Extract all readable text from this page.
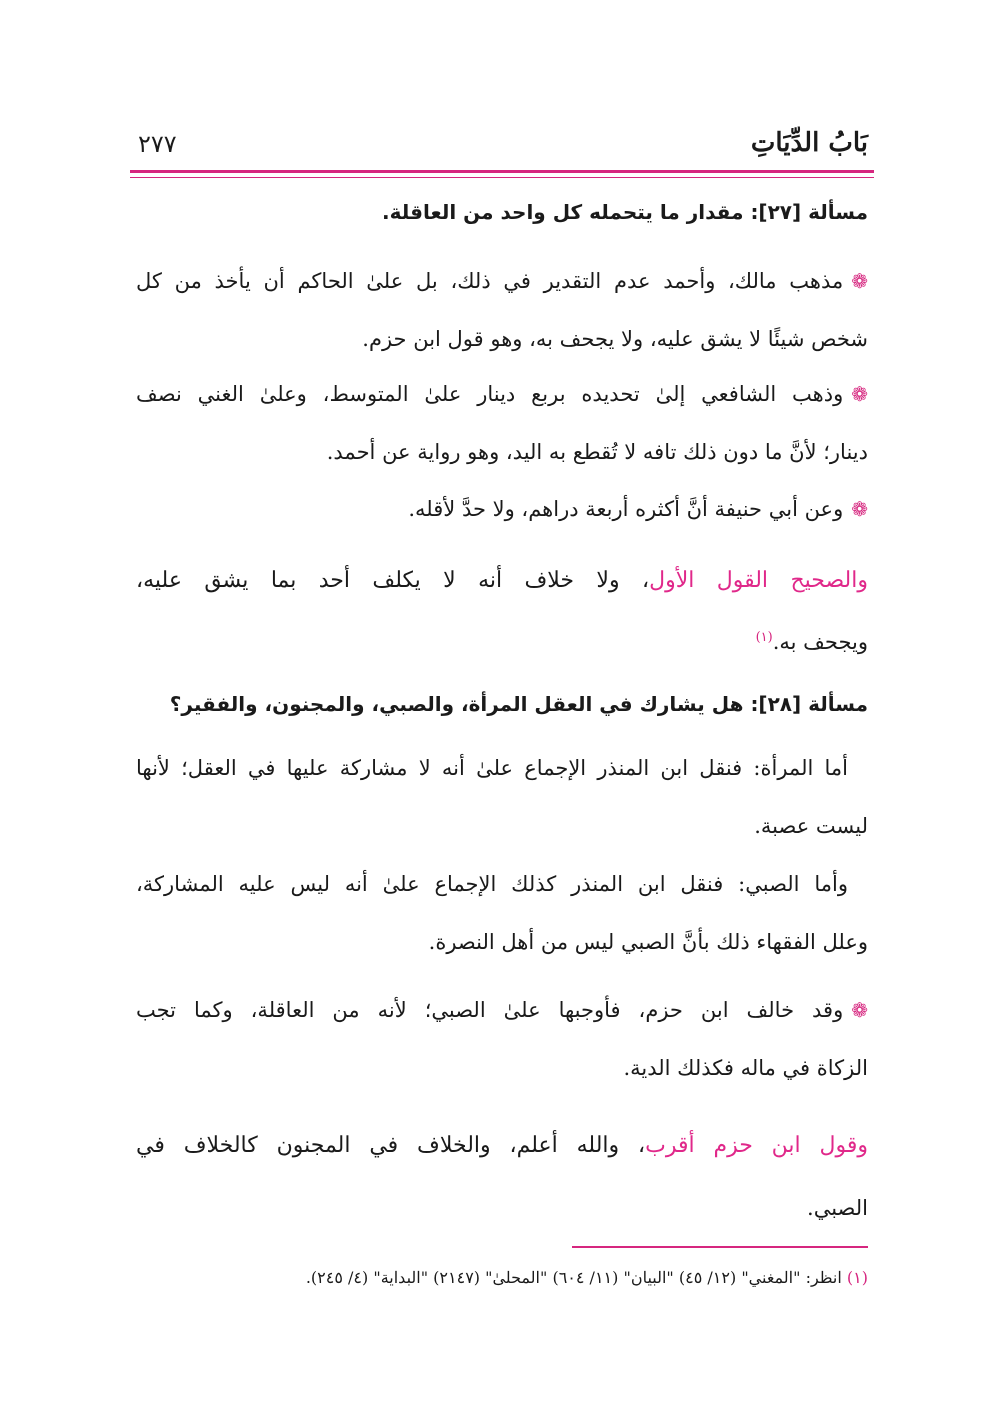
بَابُ الدِّيَاتِ
٢٧٧
مسألة [٢٧]: مقدار ما يتحمله كل واحد من العاقلة.
❁مذهب مالك، وأحمد عدم التقدير في ذلك، بل علىٰ الحاكم أن يأخذ من كل
شخص شيئًا لا يشق عليه، ولا يجحف به، وهو قول ابن حزم.
❁وذهب الشافعي إلىٰ تحديده بربع دينار علىٰ المتوسط، وعلىٰ الغني نصف
دينار؛ لأنَّ ما دون ذلك تافه لا تُقطع به اليد، وهو رواية عن أحمد.
❁وعن أبي حنيفة أنَّ أكثره أربعة دراهم، ولا حدَّ لأقله.
والصحيح القول الأول، ولا خلاف أنه لا يكلف أحد بما يشق عليه،
ويجحف به.$^{(١)}$
مسألة [٢٨]: هل يشارك في العقل المرأة، والصبي، والمجنون، والفقير؟
أما المرأة: فنقل ابن المنذر الإجماع علىٰ أنه لا مشاركة عليها في العقل؛ لأنها
ليست عصبة.
وأما الصبي: فنقل ابن المنذر كذلك الإجماع علىٰ أنه ليس عليه المشاركة،
وعلل الفقهاء ذلك بأنَّ الصبي ليس من أهل النصرة.
❁وقد خالف ابن حزم، فأوجبها علىٰ الصبي؛ لأنه من العاقلة، وكما تجب
الزكاة في ماله فكذلك الدية.
وقول ابن حزم أقرب، والله أعلم، والخلاف في المجنون كالخلاف في
الصبي.
(١) انظر: "المغني" (١٢/ ٤٥) "البيان" (١١/ ٦٠٤) "المحلىٰ" (٢١٤٧) "البداية" (٤/ ٢٤٥).
